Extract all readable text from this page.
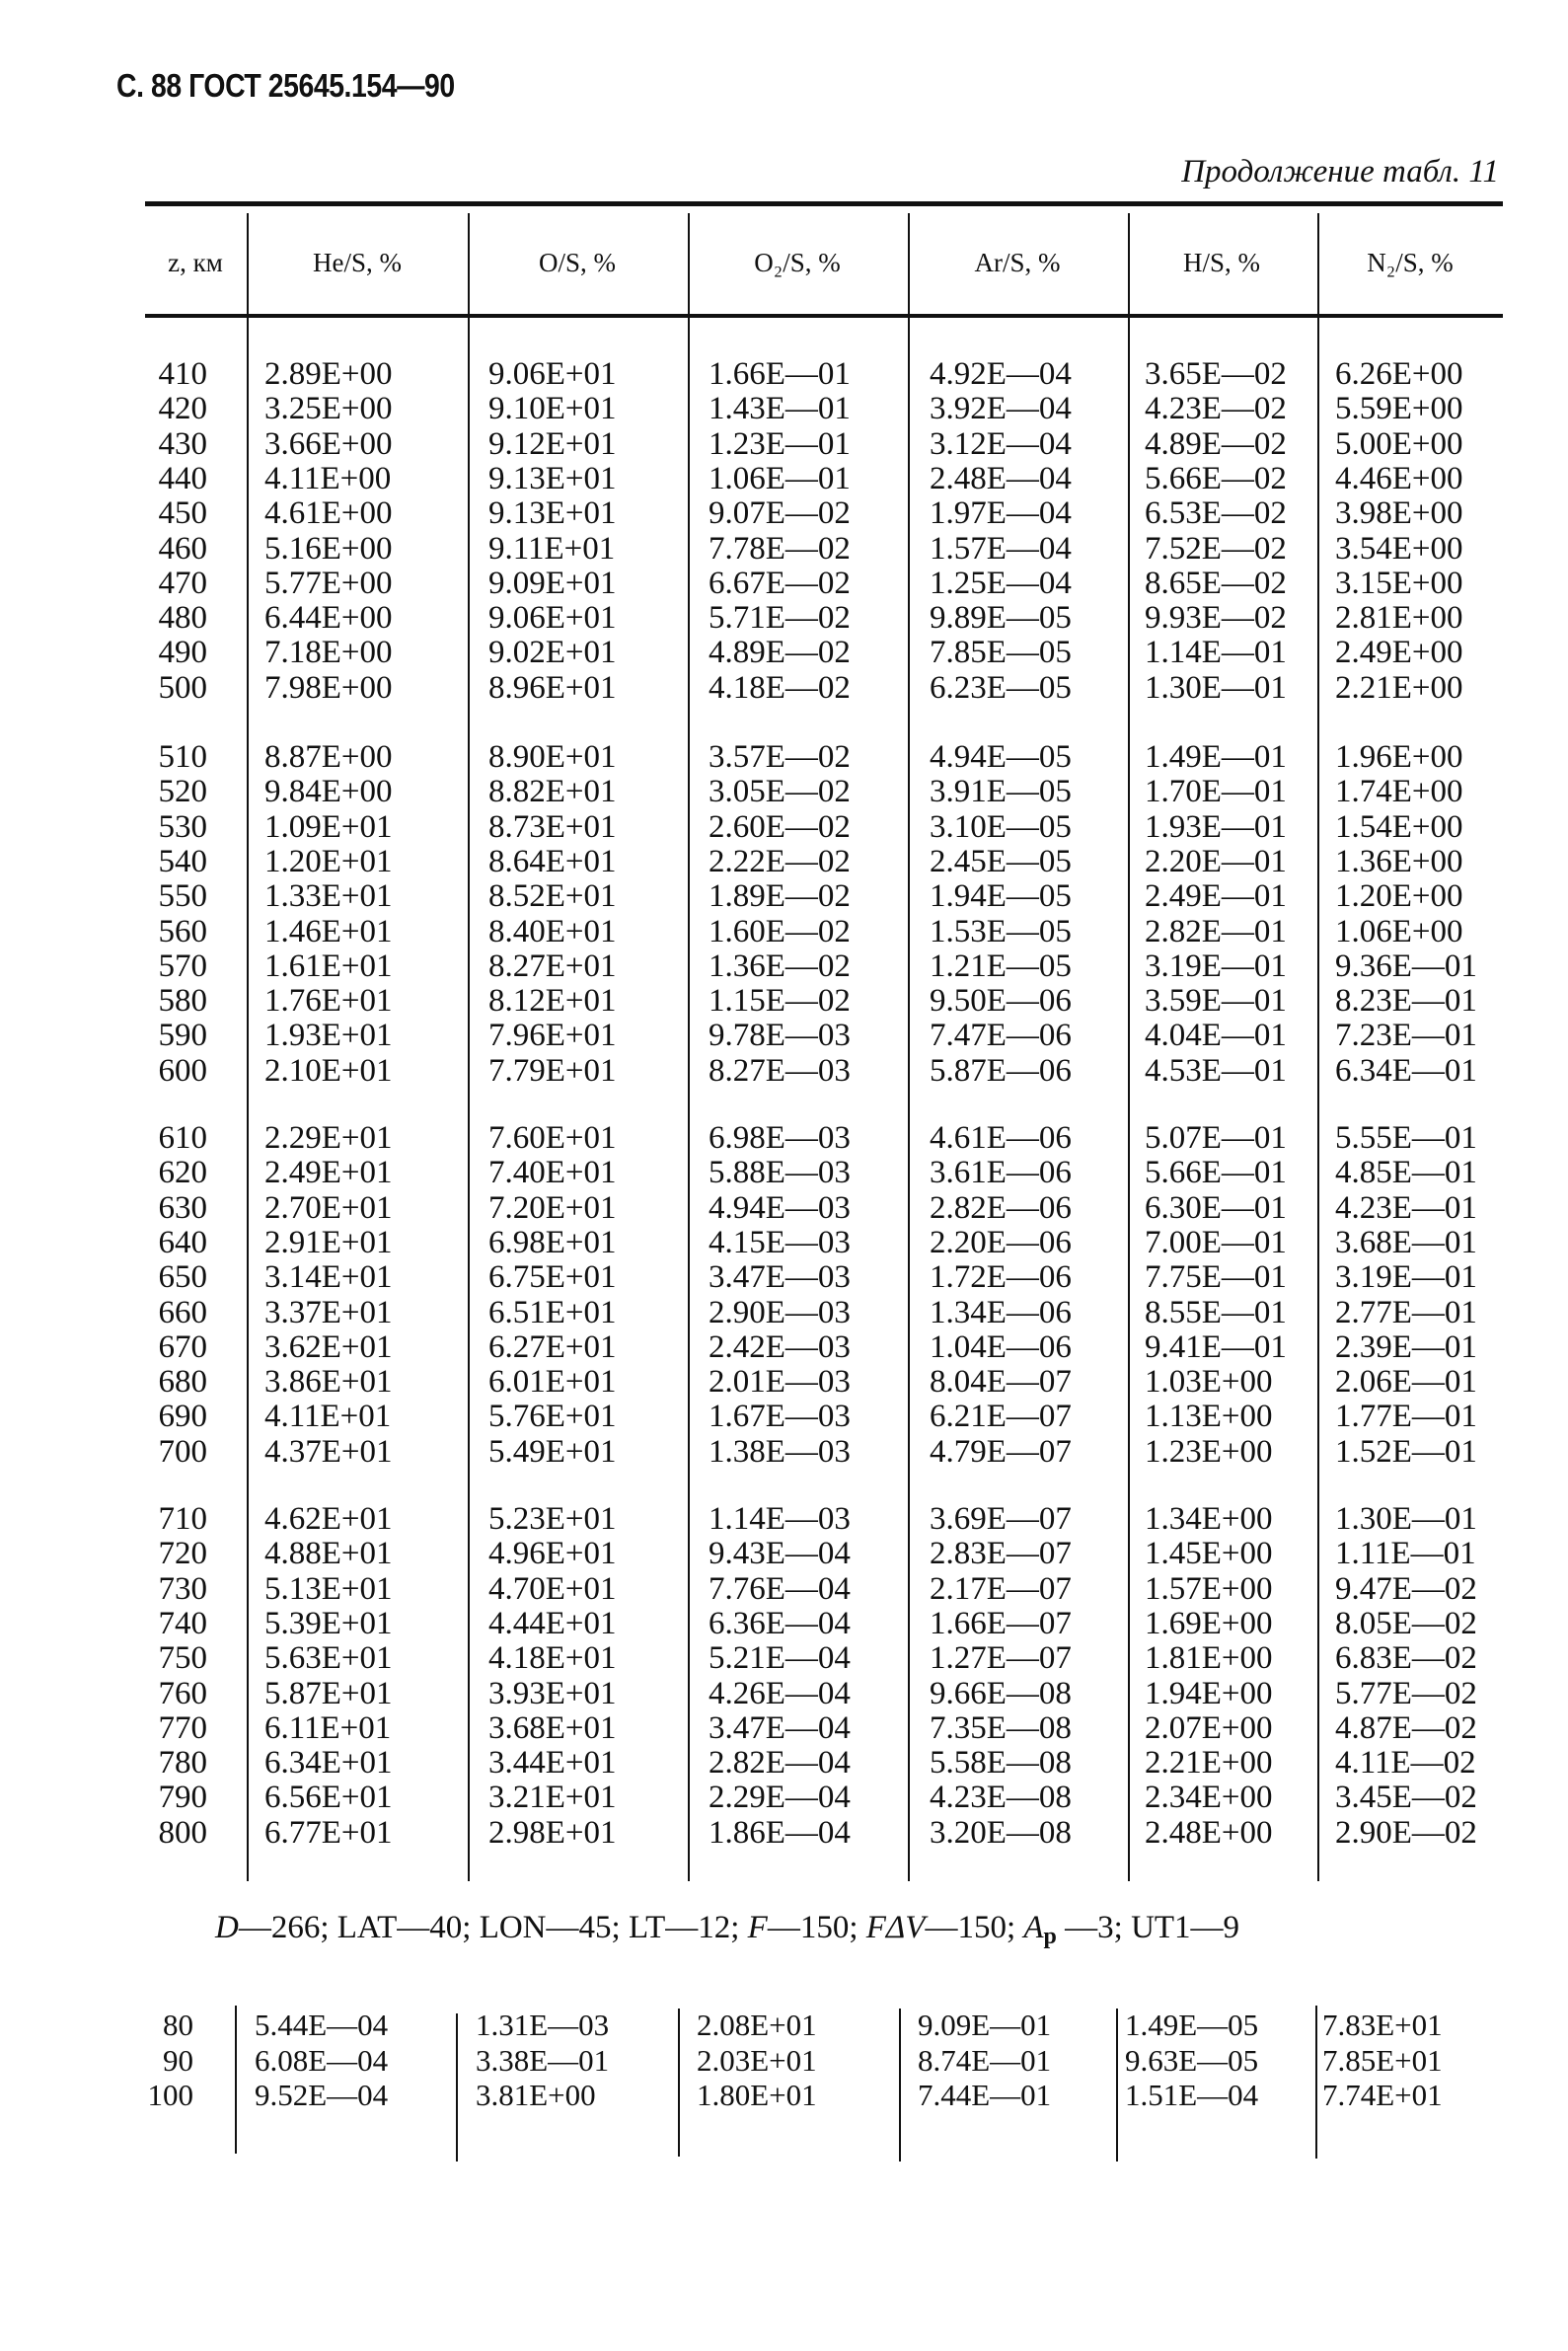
С. 88 ГОСТ 25645.154—90
Продолжение табл. 11
z, км	He/S, %	O/S, %	O₂/S, %	Ar/S, %	H/S, %	N₂/S, %
410 2.89E+00	9.06E+01	1.66E—01 4.92E—04 3.65E—02 6.26E+00
420 3.25E+00	9.10E+01	1.43E—01 3.92E—04 4.23E—02 5.59E+00
430 3.66E+00	9.12E+01	1.23E—01 3.12E—04 4.89E—02 5.00E+00
440 4.11E+00	9.13E+01	1.06E—01 2.48E—04 5.66E—02 4.46E+00
450 4.61E+00	9.13E+01	9.07E—02 1.97E—04 6.53E—02 3.98E+00
460 5.16E+00	9.11E+01	7.78E—02 1.57E—04 7.52E—02 3.54E+00
470 5.77E+00	9.09E+01	6.67E—02 1.25E—04 8.65E—02 3.15E+00
480 6.44E+00	9.06E+01	5.71E—02 9.89E—05 9.93E—02 2.81E+00
490 7.18E+00	9.02E+01	4.89E—02 7.85E—05 1.14E—01 2.49E+00
500 7.98E+00	8.96E+01	4.18E—02 6.23E—05 1.30E—01 2.21E+00
510 8.87E+00	8.90E+01	3.57E—02 4.94E—05 1.49E—01 1.96E+00
520 9.84E+00	8.82E+01	3.05E—02 3.91E—05 1.70E—01 1.74E+00
530 1.09E+01	8.73E+01	2.60E—02 3.10E—05 1.93E—01 1.54E+00
540 1.20E+01	8.64E+01	2.22E—02 2.45E—05 2.20E—01 1.36E+00
550 1.33E+01	8.52E+01	1.89E—02 1.94E—05 2.49E—01 1.20E+00
560 1.46E+01	8.40E+01	1.60E—02 1.53E—05 2.82E—01 1.06E+00
570 1.61E+01	8.27E+01	1.36E—02 1.21E—05 3.19E—01 9.36E—01
580 1.76E+01	8.12E+01	1.15E—02 9.50E—06 3.59E—01 8.23E—01
590 1.93E+01	7.96E+01	9.78E—03 7.47E—06 4.04E—01 7.23E—01
600 2.10E+01	7.79E+01	8.27E—03 5.87E—06 4.53E—01 6.34E—01
610 2.29E+01	7.60E+01	6.98E—03 4.61E—06 5.07E—01 5.55E—01
620 2.49E+01	7.40E+01	5.88E—03 3.61E—06 5.66E—01 4.85E—01
630 2.70E+01	7.20E+01	4.94E—03 2.82E—06 6.30E—01 4.23E—01
640 2.91E+01	6.98E+01	4.15E—03 2.20E—06 7.00E—01 3.68E—01
650 3.14E+01	6.75E+01	3.47E—03 1.72E—06 7.75E—01 3.19E—01
660 3.37E+01	6.51E+01	2.90E—03 1.34E—06 8.55E—01 2.77E—01
670 3.62E+01	6.27E+01	2.42E—03 1.04E—06 9.41E—01 2.39E—01
680 3.86E+01	6.01E+01	2.01E—03 8.04E—07 1.03E+00 2.06E—01
690 4.11E+01	5.76E+01	1.67E—03 6.21E—07 1.13E+00 1.77E—01
700 4.37E+01	5.49E+01	1.38E—03 4.79E—07 1.23E+00 1.52E—01
710 4.62E+01	5.23E+01	1.14E—03 3.69E—07 1.34E+00 1.30E—01
720 4.88E+01	4.96E+01	9.43E—04 2.83E—07 1.45E+00 1.11E—01
730 5.13E+01	4.70E+01	7.76E—04 2.17E—07 1.57E+00 9.47E—02
740 5.39E+01	4.44E+01	6.36E—04 1.66E—07 1.69E+00 8.05E—02
750 5.63E+01	4.18E+01	5.21E—04 1.27E—07 1.81E+00 6.83E—02
760 5.87E+01	3.93E+01	4.26E—04 9.66E—08 1.94E+00 5.77E—02
770 6.11E+01	3.68E+01	3.47E—04 7.35E—08 2.07E+00 4.87E—02
780 6.34E+01	3.44E+01	2.82E—04 5.58E—08 2.21E+00 4.11E—02
790 6.56E+01	3.21E+01	2.29E—04 4.23E—08 2.34E+00 3.45E—02
800 6.77E+01	2.98E+01	1.86E—04 3.20E—08 2.48E+00 2.90E—02
D—266; LAT—40; LON—45; LT—12; F—150; FΔV—150; $A_p$ —3; UT1—9
80 5.44E—04	1.31E—03	2.08E+01	9.09E—01 1.49E—05 7.83E+01
90 6.08E—04	3.38E—01	2.03E+01	8.74E—01 9.63E—05 7.85E+01
100 9.52E—04	3.81E+00	1.80E+01	7.44E—01 1.51E—04 7.74E+01
